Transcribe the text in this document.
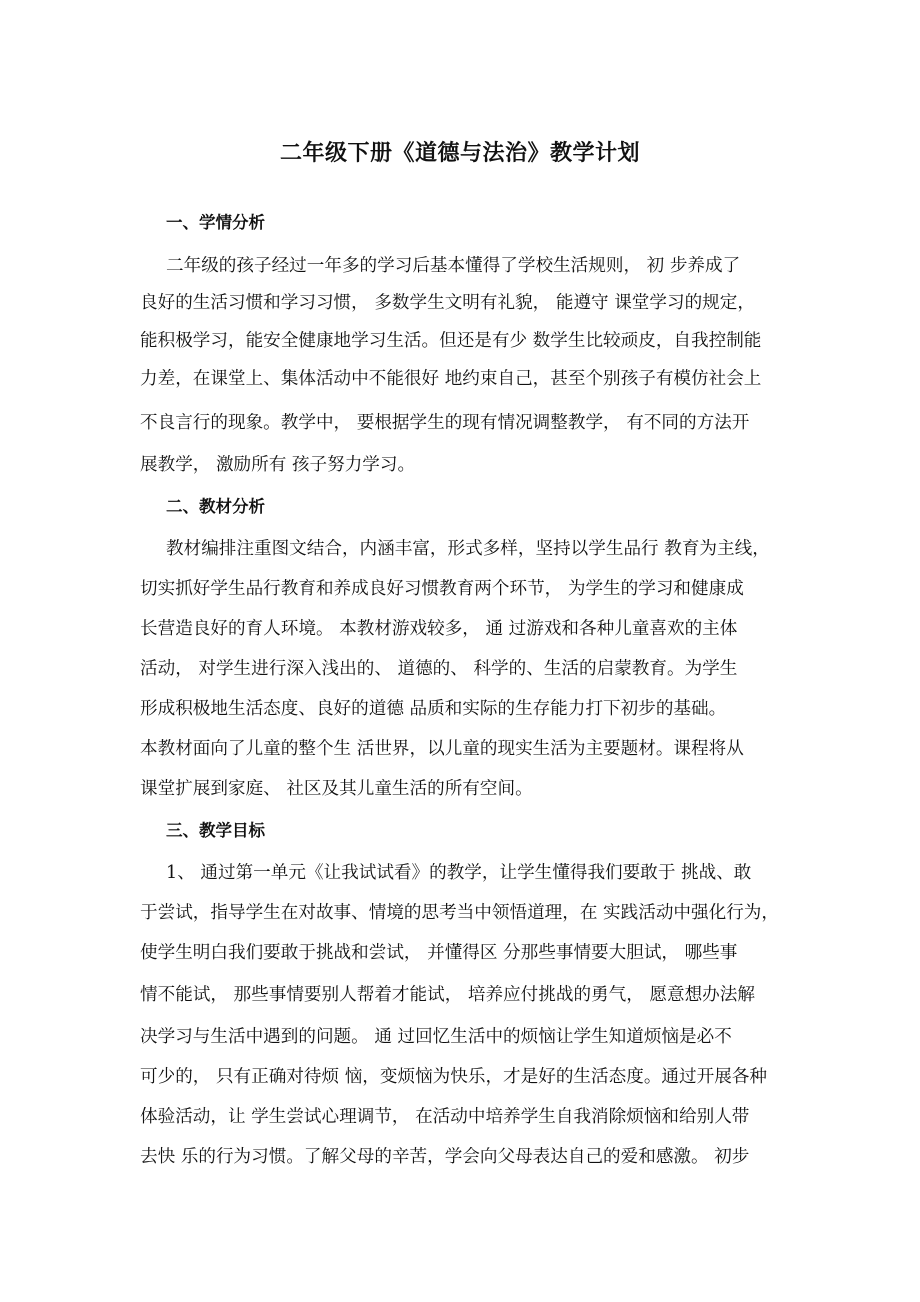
二年级下册《道德与法治》教学计划
一、学情分析
二年级的孩子经过一年多的学习后基本懂得了学校生活规则， 初 步养成了
良好的生活习惯和学习习惯， 多数学生文明有礼貌， 能遵守 课堂学习的规定，
能积极学习，能安全健康地学习生活。但还是有少 数学生比较顽皮，自我控制能
力差，在课堂上、集体活动中不能很好 地约束自己，甚至个别孩子有模仿社会上
不良言行的现象。教学中， 要根据学生的现有情况调整教学， 有不同的方法开
展教学， 激励所有 孩子努力学习。
二、教材分析
教材编排注重图文结合，内涵丰富，形式多样，坚持以学生品行 教育为主线，
切实抓好学生品行教育和养成良好习惯教育两个环节， 为学生的学习和健康成
长营造良好的育人环境。 本教材游戏较多， 通 过游戏和各种儿童喜欢的主体
活动， 对学生进行深入浅出的、 道德的、 科学的、生活的启蒙教育。为学生
形成积极地生活态度、良好的道德 品质和实际的生存能力打下初步的基础。
本教材面向了儿童的整个生 活世界，以儿童的现实生活为主要题材。课程将从
课堂扩展到家庭、 社区及其儿童生活的所有空间。
三、教学目标
1、 通过第一单元《让我试试看》的教学，让学生懂得我们要敢于 挑战、敢
于尝试，指导学生在对故事、情境的思考当中领悟道理，在 实践活动中强化行为，
使学生明白我们要敢于挑战和尝试， 并懂得区 分那些事情要大胆试， 哪些事
情不能试， 那些事情要别人帮着才能试， 培养应付挑战的勇气， 愿意想办法解
决学习与生活中遇到的问题。 通 过回忆生活中的烦恼让学生知道烦恼是必不
可少的， 只有正确对待烦 恼，变烦恼为快乐，才是好的生活态度。通过开展各种
体验活动，让 学生尝试心理调节， 在活动中培养学生自我消除烦恼和给别人带
去快 乐的行为习惯。了解父母的辛苦，学会向父母表达自己的爱和感激。 初步
